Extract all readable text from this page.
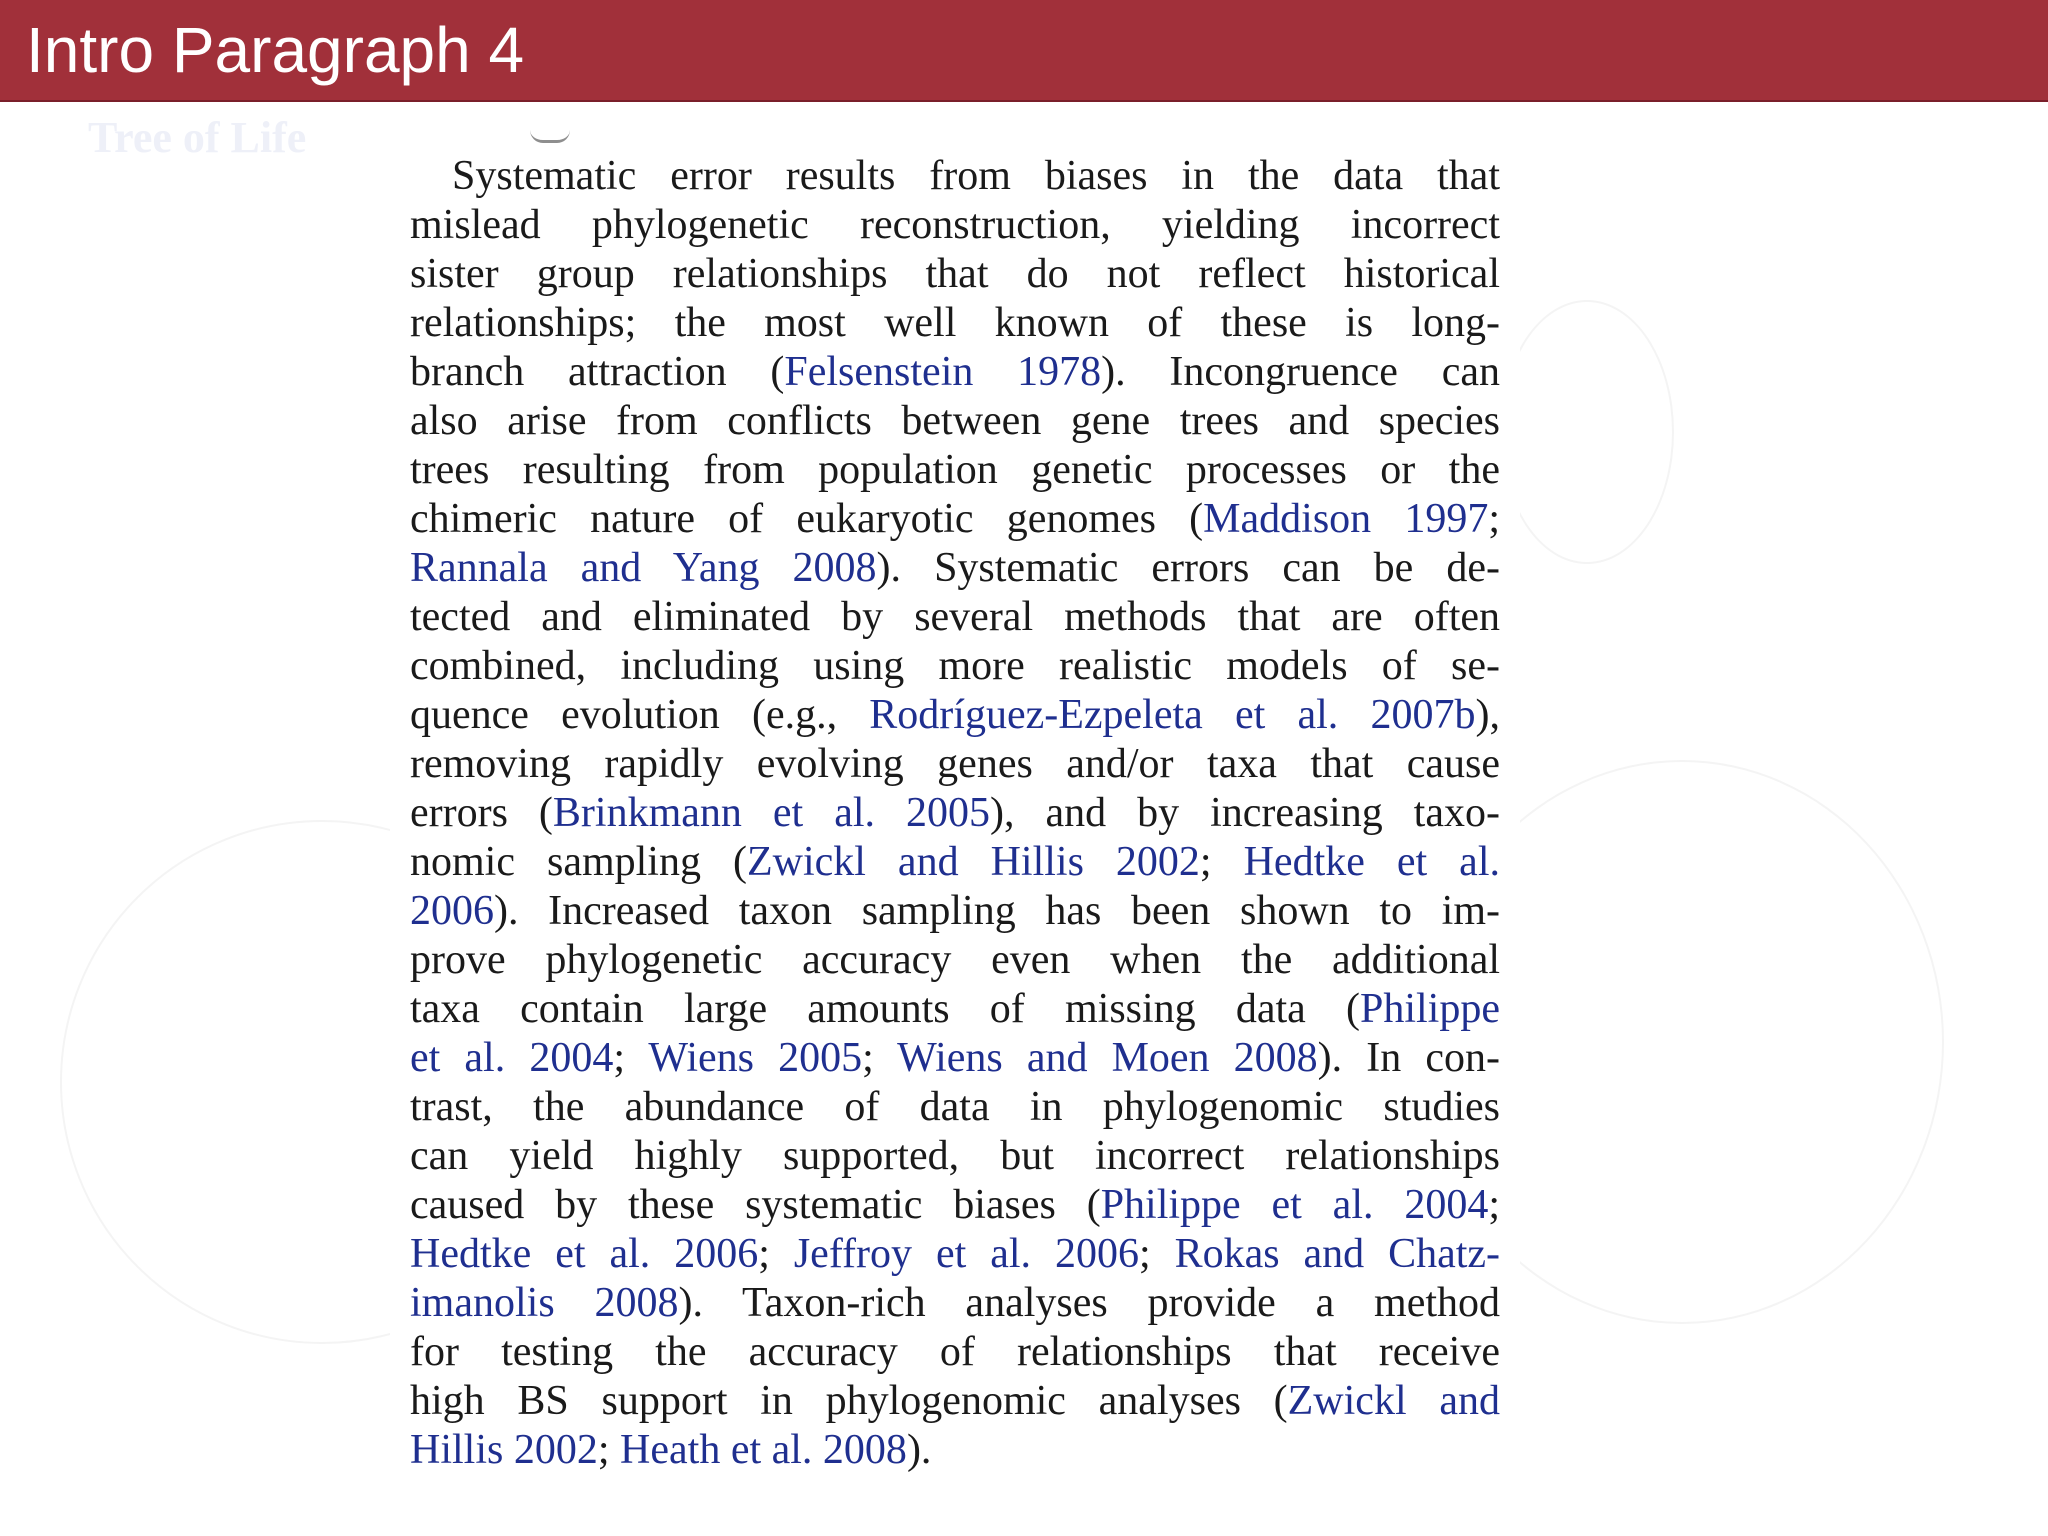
Tree of Life
Intro Paragraph 4
Systematic error results from biases in the data that
mislead phylogenetic reconstruction, yielding incorrect
sister group relationships that do not reflect historical
relationships; the most well known of these is long-
branch attraction (Felsenstein 1978). Incongruence can
also arise from conflicts between gene trees and species
trees resulting from population genetic processes or the
chimeric nature of eukaryotic genomes (Maddison 1997;
Rannala and Yang 2008). Systematic errors can be de-
tected and eliminated by several methods that are often
combined, including using more realistic models of se-
quence evolution (e.g., Rodríguez-Ezpeleta et al. 2007b),
removing rapidly evolving genes and/or taxa that cause
errors (Brinkmann et al. 2005), and by increasing taxo-
nomic sampling (Zwickl and Hillis 2002; Hedtke et al.
2006). Increased taxon sampling has been shown to im-
prove phylogenetic accuracy even when the additional
taxa contain large amounts of missing data (Philippe
et al. 2004; Wiens 2005; Wiens and Moen 2008). In con-
trast, the abundance of data in phylogenomic studies
can yield highly supported, but incorrect relationships
caused by these systematic biases (Philippe et al. 2004;
Hedtke et al. 2006; Jeffroy et al. 2006; Rokas and Chatz-
imanolis 2008). Taxon-rich analyses provide a method
for testing the accuracy of relationships that receive
high BS support in phylogenomic analyses (Zwickl and
Hillis 2002; Heath et al. 2008).
